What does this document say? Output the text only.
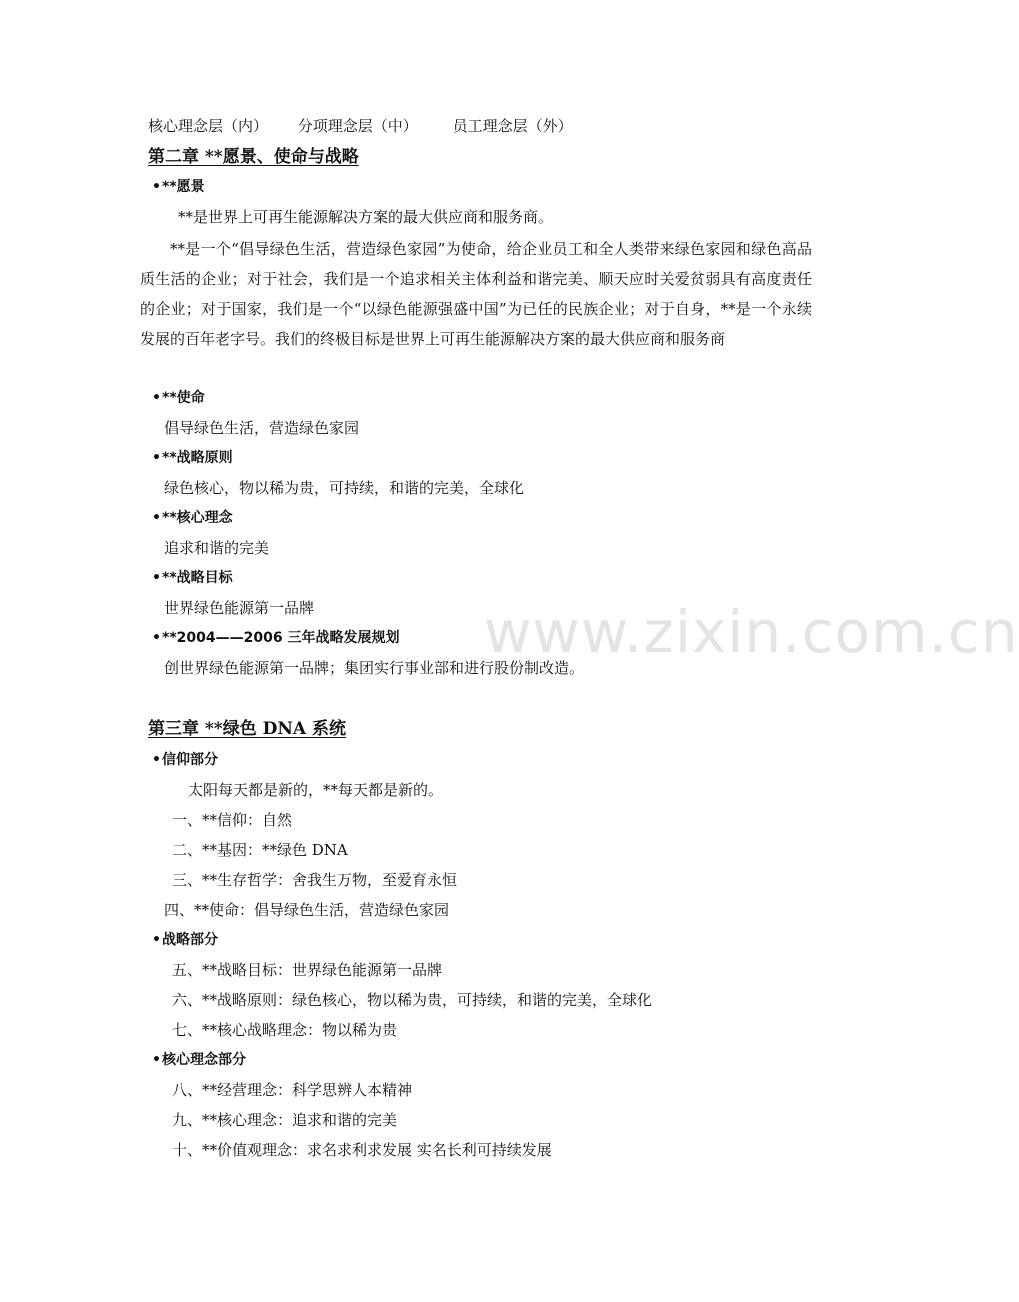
www.zixin.com.cn
核心理念层（内） 分项理念层（中） 员工理念层（外）
第二章 **愿景、使命与战略
•**愿景
**是世界上可再生能源解决方案的最大供应商和服务商。
**是一个“倡导绿色生活，营造绿色家园”为使命，给企业员工和全人类带来绿色家园和绿色高品质生活的企业；对于社会，我们是一个追求相关主体利益和谐完美、顺天应时关爱贫弱具有高度责任的企业；对于国家，我们是一个“以绿色能源强盛中国”为已任的民族企业；对于自身，**是一个永续发展的百年老字号。我们的终极目标是世界上可再生能源解决方案的最大供应商和服务商
•**使命
倡导绿色生活，营造绿色家园
•**战略原则
绿色核心，物以稀为贵，可持续，和谐的完美，全球化
•**核心理念
追求和谐的完美
•**战略目标
世界绿色能源第一品牌
•**2004——2006 三年战略发展规划
创世界绿色能源第一品牌；集团实行事业部和进行股份制改造。
第三章 **绿色 DNA 系统
•信仰部分
太阳每天都是新的，**每天都是新的。
一、**信仰：自然
二、**基因：**绿色 DNA
三、**生存哲学：舍我生万物，至爱育永恒
四、**使命：倡导绿色生活，营造绿色家园
•战略部分
五、**战略目标：世界绿色能源第一品牌
六、**战略原则：绿色核心，物以稀为贵，可持续，和谐的完美，全球化
七、**核心战略理念：物以稀为贵
•核心理念部分
八、**经营理念：科学思辨人本精神
九、**核心理念：追求和谐的完美
十、**价值观理念：求名求利求发展 实名长利可持续发展
